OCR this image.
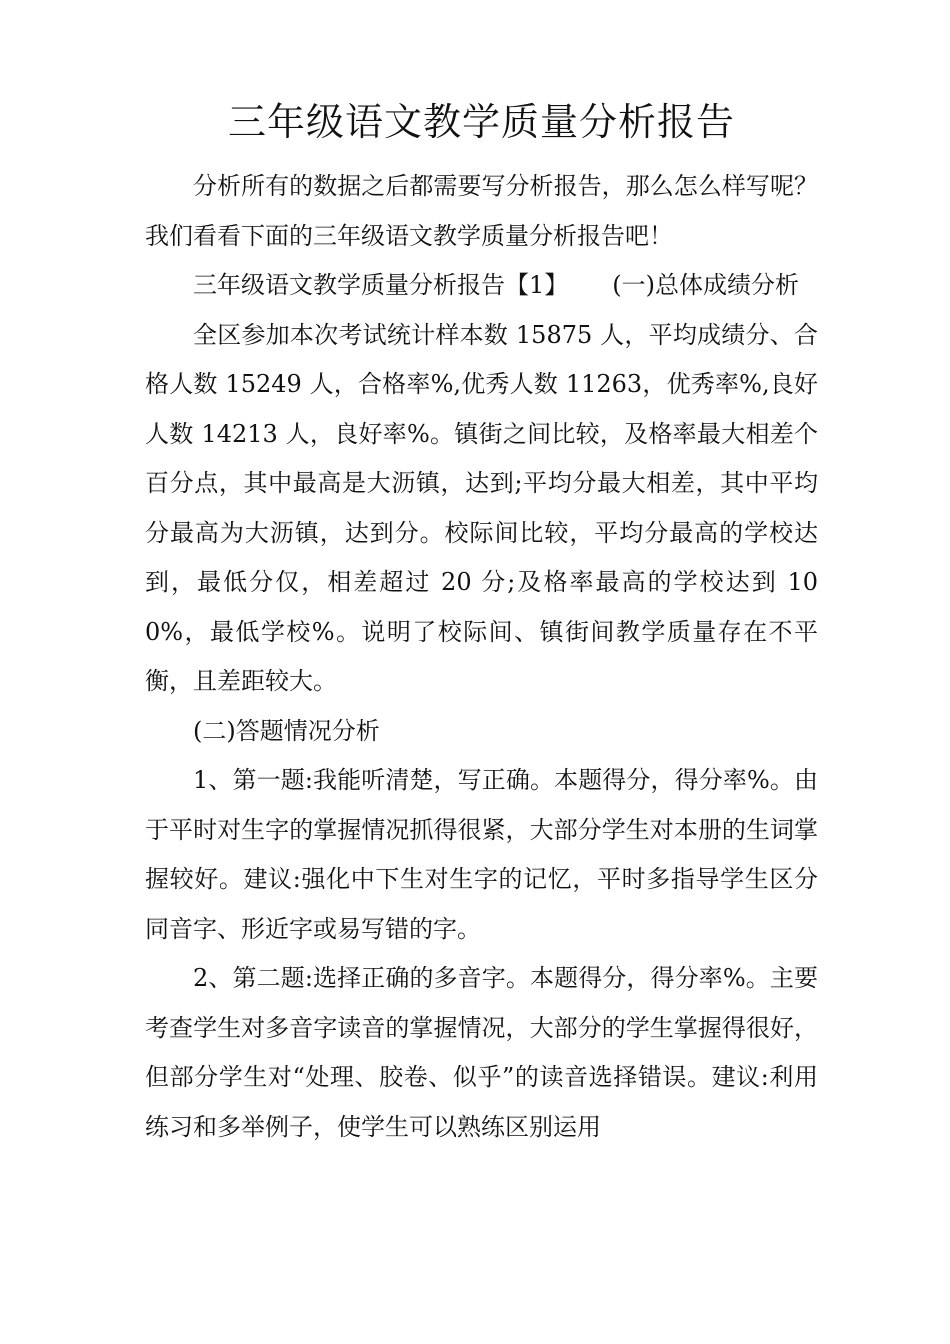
三年级语文教学质量分析报告

分析所有的数据之后都需要写分析报告，那么怎么样写呢？我们看看下面的三年级语文教学质量分析报告吧！

三年级语文教学质量分析报告【1】 (一)总体成绩分析

全区参加本次考试统计样本数 15875 人，平均成绩分、合格人数 15249 人，合格率%,优秀人数 11263，优秀率%,良好人数 14213 人，良好率%。镇街之间比较，及格率最大相差个百分点，其中最高是大沥镇，达到;平均分最大相差，其中平均分最高为大沥镇，达到分。校际间比较，平均分最高的学校达到，最低分仅，相差超过 20 分;及格率最高的学校达到 100%，最低学校%。说明了校际间、镇街间教学质量存在不平衡，且差距较大。

(二)答题情况分析

1、第一题:我能听清楚，写正确。本题得分，得分率%。由于平时对生字的掌握情况抓得很紧，大部分学生对本册的生词掌握较好。建议:强化中下生对生字的记忆，平时多指导学生区分同音字、形近字或易写错的字。

2、第二题:选择正确的多音字。本题得分，得分率%。主要考查学生对多音字读音的掌握情况，大部分的学生掌握得很好，但部分学生对“处理、胶卷、似乎”的读音选择错误。建议:利用练习和多举例子，使学生可以熟练区别运用
